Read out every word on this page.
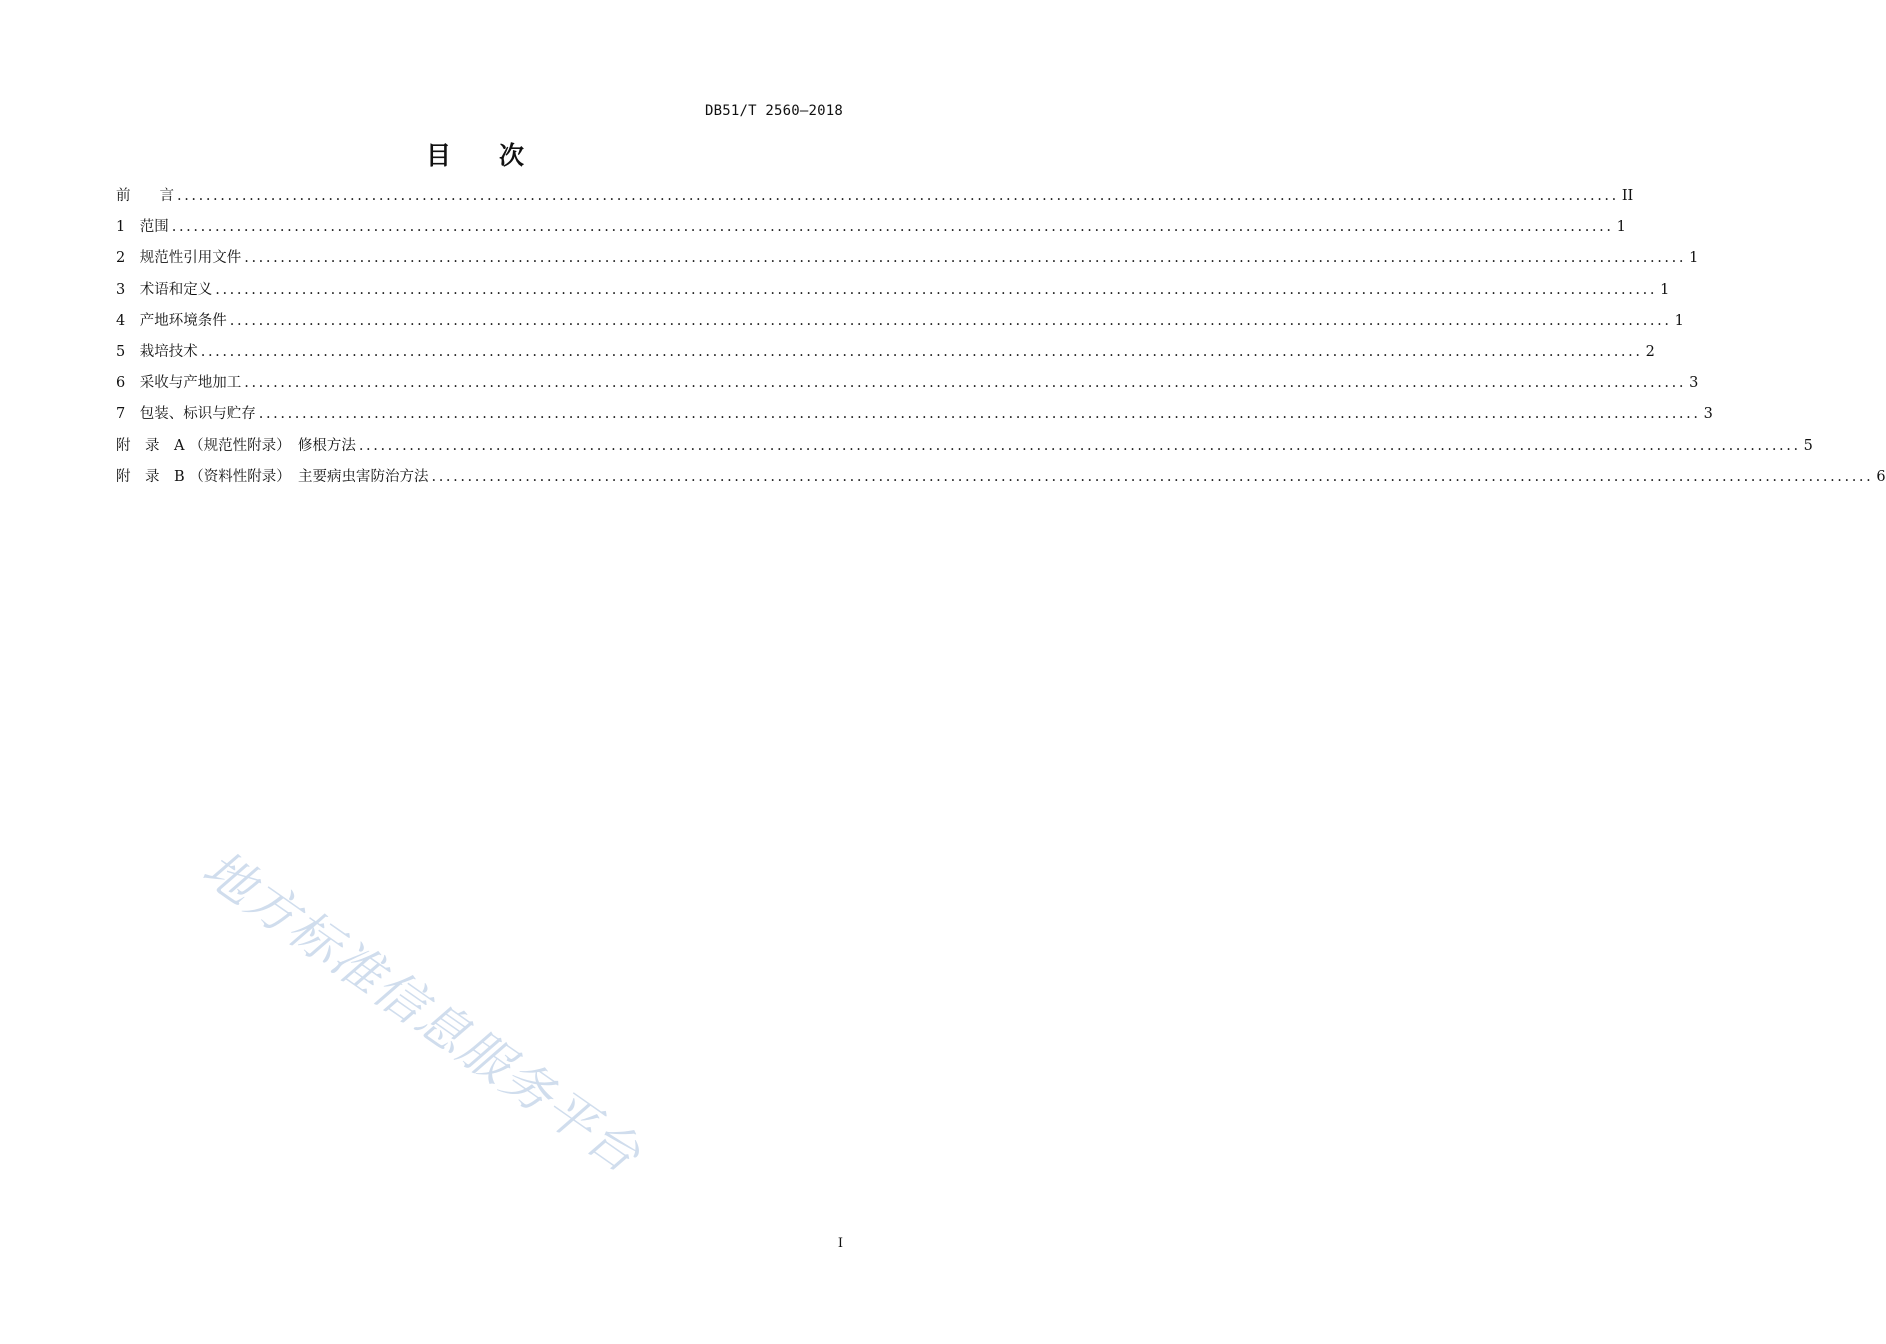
DB51/T 2560—2018
目 次
前　　言 ........................................................................................................................................................................................................ II
1　范围 ........................................................................................................................................................................................................ 1
2　规范性引用文件 ........................................................................................................................................................................................................ 1
3　术语和定义 ........................................................................................................................................................................................................ 1
4　产地环境条件 ........................................................................................................................................................................................................ 1
5　栽培技术 ........................................................................................................................................................................................................ 2
6　采收与产地加工 ........................................................................................................................................................................................................ 3
7　包装、标识与贮存 ........................................................................................................................................................................................................ 3
附　录　A （规范性附录）　修根方法 ........................................................................................................................................................................................................ 5
附　录　B （资料性附录）　主要病虫害防治方法 ........................................................................................................................................................................................................ 6
地方标准信息服务平台
I
